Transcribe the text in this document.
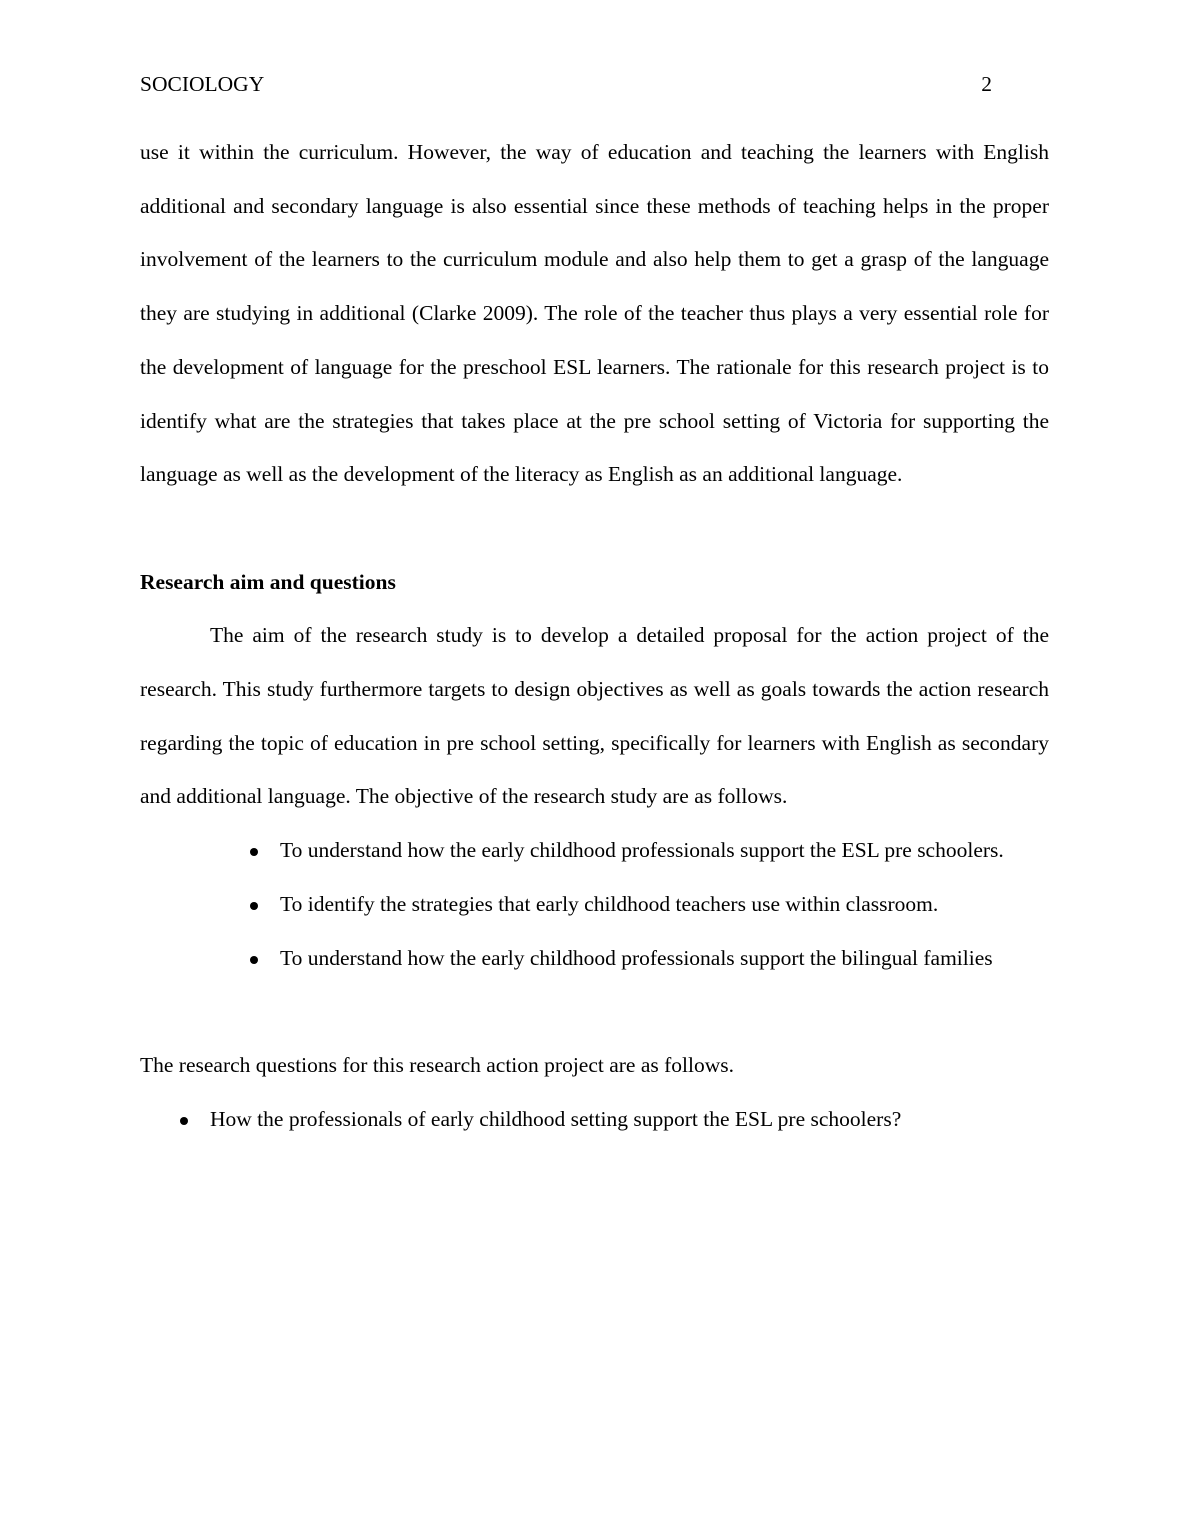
SOCIOLOGY	2

use it within the curriculum. However, the way of education and teaching the learners with English additional and secondary language is also essential since these methods of teaching helps in the proper involvement of the learners to the curriculum module and also help them to get a grasp of the language they are studying in additional (Clarke 2009). The role of the teacher thus plays a very essential role for the development of language for the preschool ESL learners. The rationale for this research project is to identify what are the strategies that takes place at the pre school setting of Victoria for supporting the language as well as the development of the literacy as English as an additional language.

Research aim and questions

The aim of the research study is to develop a detailed proposal for the action project of the research. This study furthermore targets to design objectives as well as goals towards the action research regarding the topic of education in pre school setting, specifically for learners with English as secondary and additional language. The objective of the research study are as follows.

To understand how the early childhood professionals support the ESL pre schoolers.
To identify the strategies that early childhood teachers use within classroom.
To understand how the early childhood professionals support the bilingual families

The research questions for this research action project are as follows.

How the professionals of early childhood setting support the ESL pre schoolers?
